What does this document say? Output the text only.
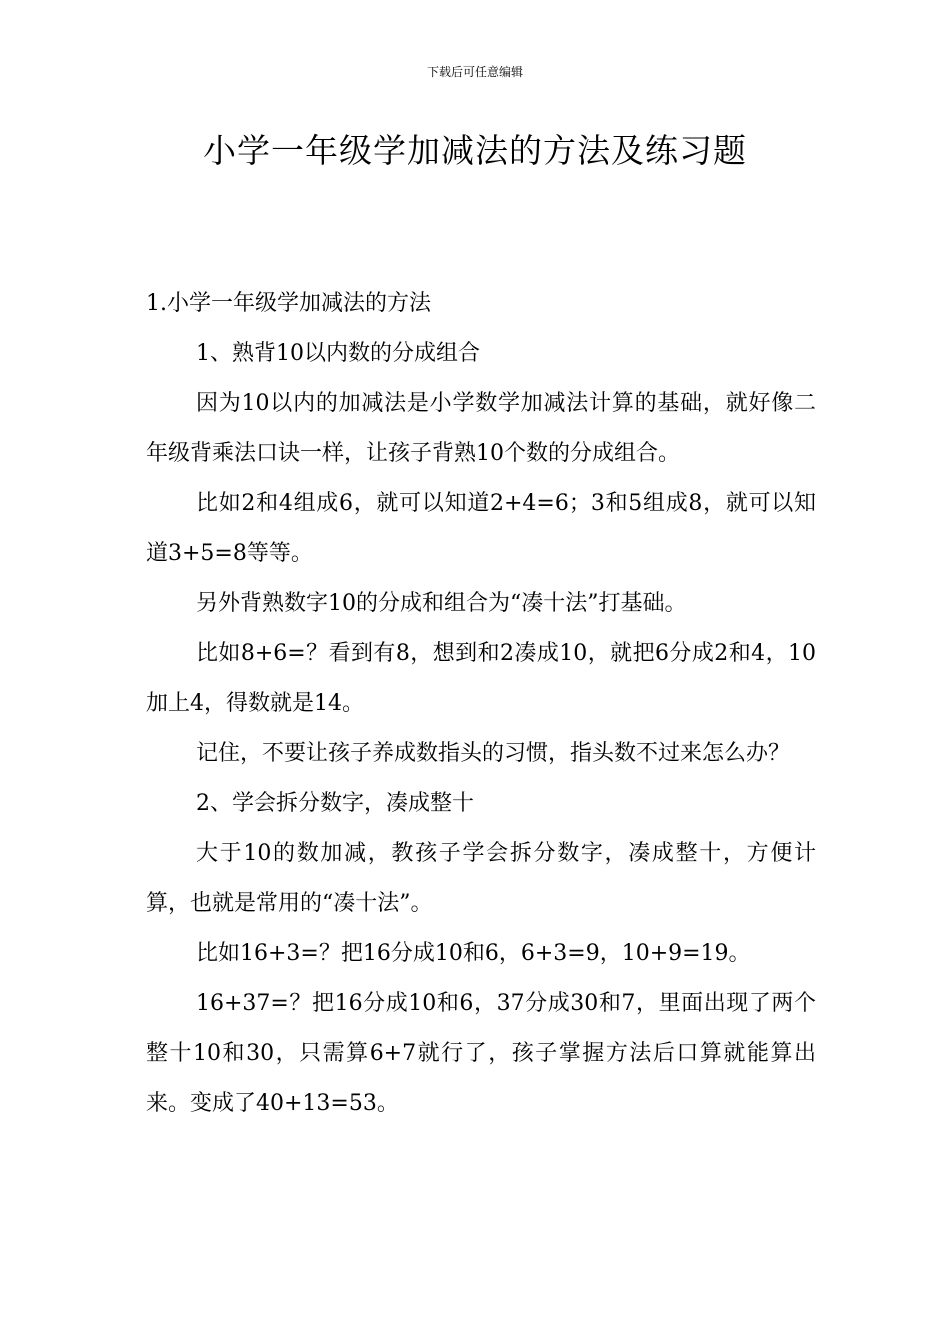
下载后可任意编辑
小学一年级学加减法的方法及练习题

1.小学一年级学加减法的方法

1、熟背10以内数的分成组合

因为10以内的加减法是小学数学加减法计算的基础，就好像二年级背乘法口诀一样，让孩子背熟10个数的分成组合。

比如2和4组成6，就可以知道2+4=6；3和5组成8，就可以知道3+5=8等等。

另外背熟数字10的分成和组合为“凑十法”打基础。

比如8+6=？看到有8，想到和2凑成10，就把6分成2和4，10加上4，得数就是14。

记住，不要让孩子养成数指头的习惯，指头数不过来怎么办？

2、学会拆分数字，凑成整十

大于10的数加减，教孩子学会拆分数字，凑成整十，方便计算，也就是常用的“凑十法”。

比如16+3=？把16分成10和6，6+3=9，10+9=19。

16+37=？把16分成10和6，37分成30和7，里面出现了两个整十10和30，只需算6+7就行了，孩子掌握方法后口算就能算出来。变成了40+13=53。
